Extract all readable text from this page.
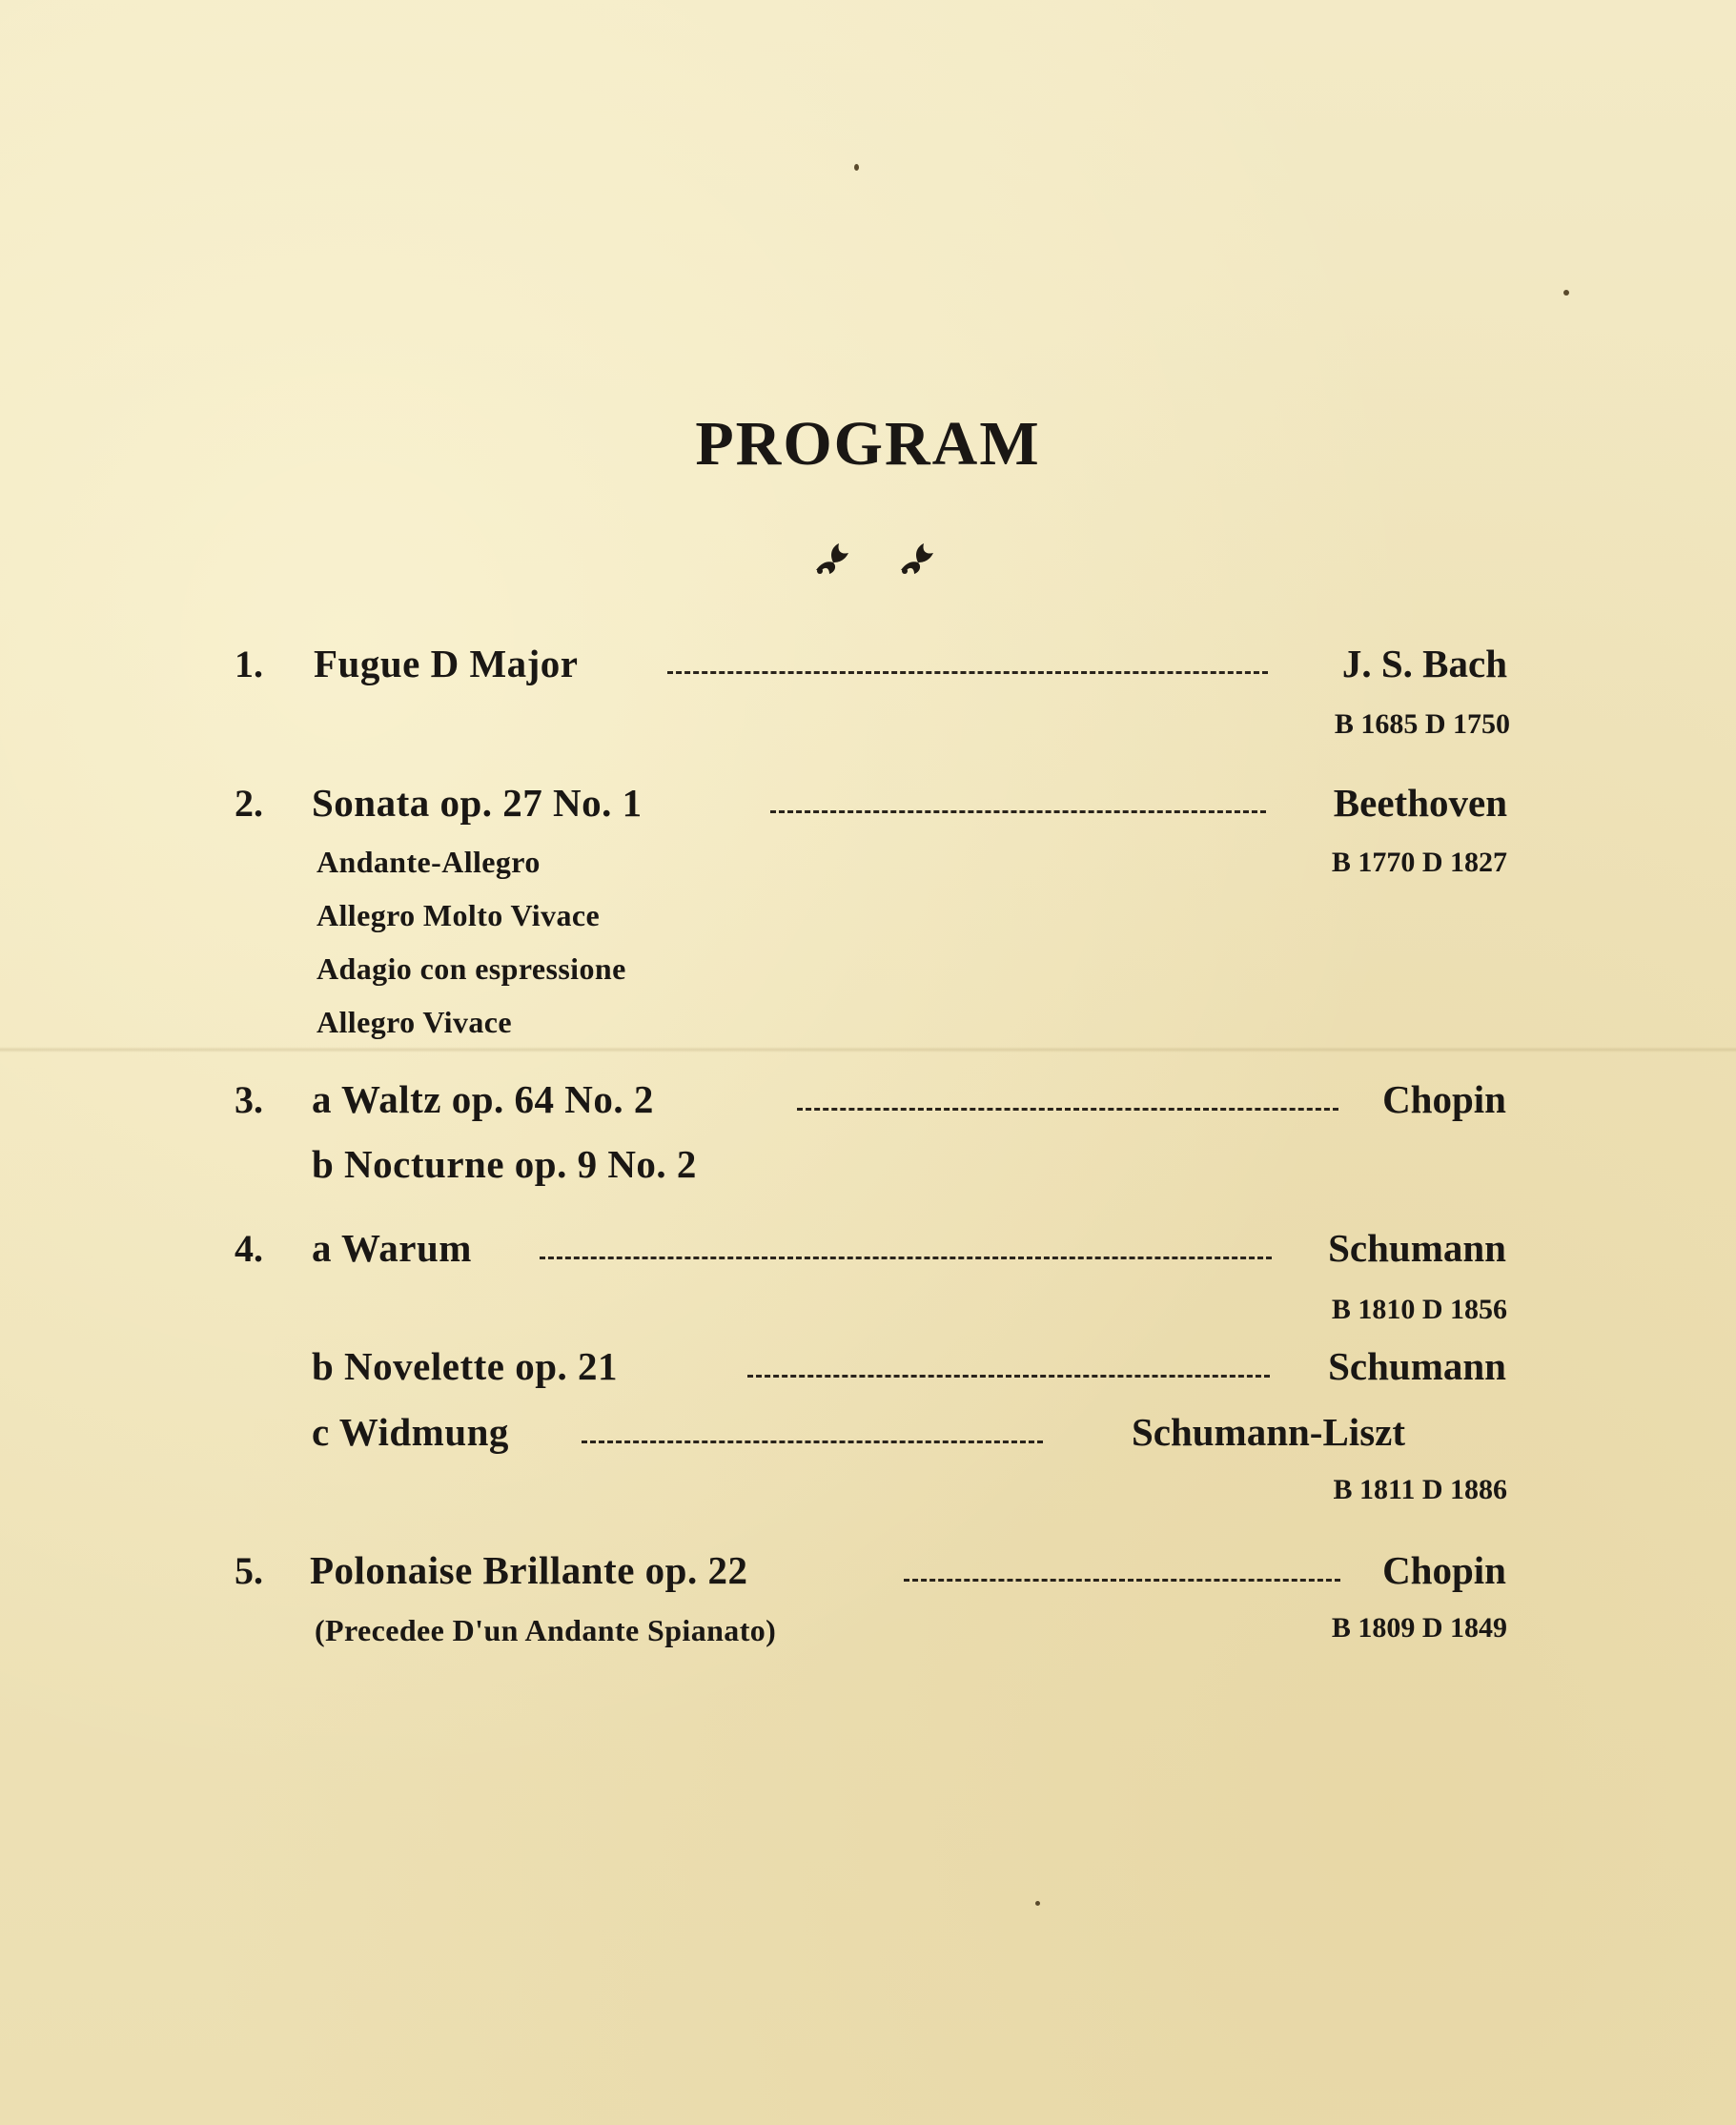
PROGRAM
1. Fugue D Major	J. S. Bach
B 1685 D 1750
2. Sonata op. 27 No. 1	Beethoven
B 1770 D 1827
Andante-Allegro
Allegro Molto Vivace
Adagio con espressione
Allegro Vivace
3. a Waltz op. 64 No. 2	Chopin
b Nocturne op. 9 No. 2
4. a Warum	Schumann
B 1810 D 1856
b Novelette op. 21	Schumann
c Widmung	Schumann-Liszt
B 1811 D 1886
5. Polonaise Brillante op. 22	Chopin
(Precedee D'un Andante Spianato)	B 1809 D 1849
